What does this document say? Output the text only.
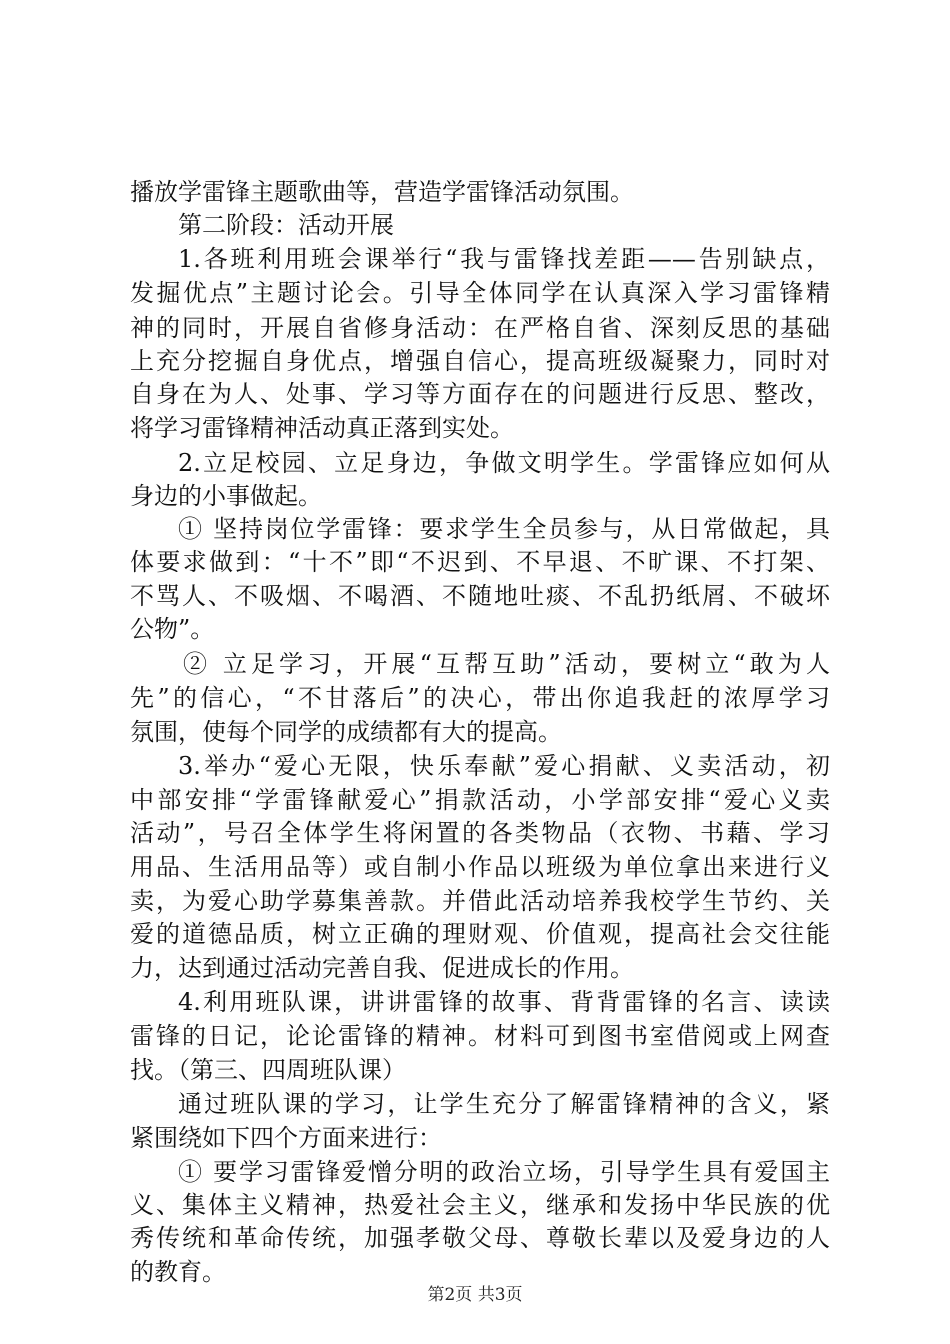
播放学雷锋主题歌曲等，营造学雷锋活动氛围。
第二阶段：活动开展
1.各班利用班会课举行“我与雷锋找差距——告别缺点，
发掘优点”主题讨论会。引导全体同学在认真深入学习雷锋精
神的同时，开展自省修身活动：在严格自省、深刻反思的基础
上充分挖掘自身优点，增强自信心，提高班级凝聚力，同时对
自身在为人、处事、学习等方面存在的问题进行反思、整改，
将学习雷锋精神活动真正落到实处。
2.立足校园、立足身边，争做文明学生。学雷锋应如何从
身边的小事做起。
① 坚持岗位学雷锋：要求学生全员参与，从日常做起，具
体要求做到：“十不”即“不迟到、不早退、不旷课、不打架、
不骂人、不吸烟、不喝酒、不随地吐痰、不乱扔纸屑、不破坏
公物”。
② 立足学习，开展“互帮互助”活动，要树立“敢为人
先”的信心，“不甘落后”的决心，带出你追我赶的浓厚学习
氛围，使每个同学的成绩都有大的提高。
3.举办“爱心无限，快乐奉献”爱心捐献、义卖活动，初
中部安排“学雷锋献爱心”捐款活动，小学部安排“爱心义卖
活动”，号召全体学生将闲置的各类物品（衣物、书藉、学习
用品、生活用品等）或自制小作品以班级为单位拿出来进行义
卖，为爱心助学募集善款。并借此活动培养我校学生节约、关
爱的道德品质，树立正确的理财观、价值观，提高社会交往能
力，达到通过活动完善自我、促进成长的作用。
4.利用班队课，讲讲雷锋的故事、背背雷锋的名言、读读
雷锋的日记，论论雷锋的精神。材料可到图书室借阅或上网查
找。（第三、四周班队课）
通过班队课的学习，让学生充分了解雷锋精神的含义，紧
紧围绕如下四个方面来进行：
① 要学习雷锋爱憎分明的政治立场，引导学生具有爱国主
义、集体主义精神，热爱社会主义，继承和发扬中华民族的优
秀传统和革命传统，加强孝敬父母、尊敬长辈以及爱身边的人
的教育。
第2页 共3页
